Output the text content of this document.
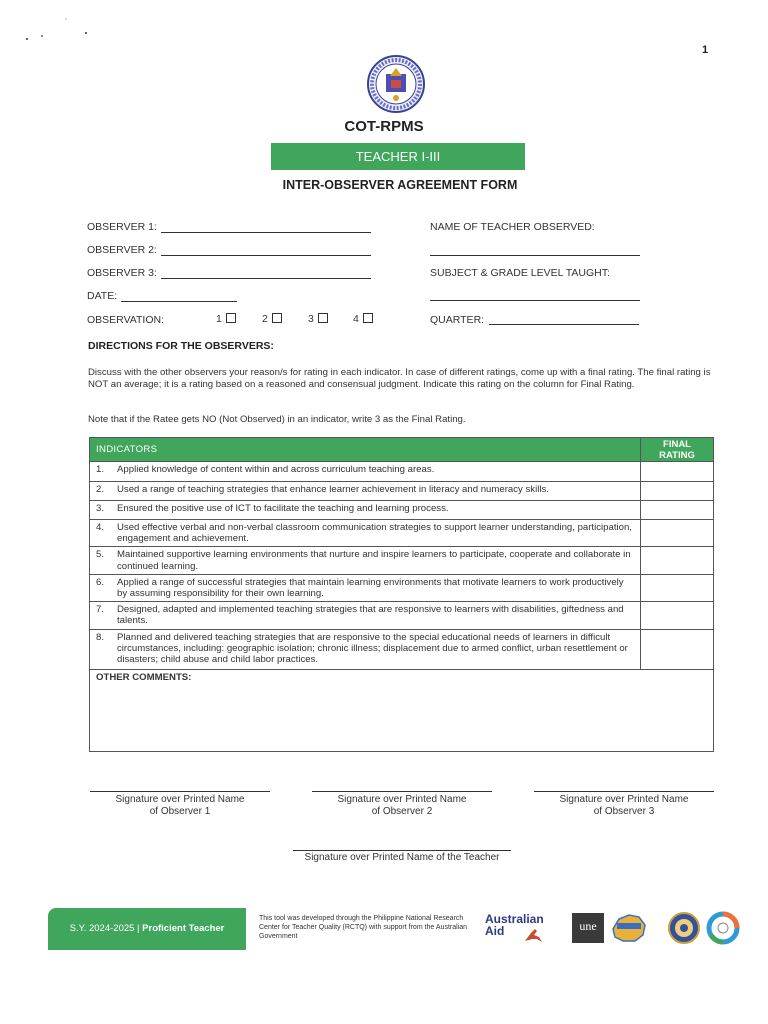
1
COT-RPMS
TEACHER I-III
INTER-OBSERVER AGREEMENT FORM
OBSERVER 1:
OBSERVER 2:
OBSERVER 3:
DATE:
OBSERVATION:	1	2	3	4
NAME OF TEACHER OBSERVED:
SUBJECT & GRADE LEVEL TAUGHT:
QUARTER:
DIRECTIONS FOR THE OBSERVERS:
Discuss with the other observers your reason/s for rating in each indicator. In case of different ratings, come up with a final rating. The final rating is NOT an average; it is a rating based on a reasoned and consensual judgment. Indicate this rating on the column for Final Rating.
Note that if the Ratee gets NO (Not Observed) in an indicator, write 3 as the Final Rating.
INDICATORS	FINAL
RATING

1. Applied knowledge of content within and across curriculum teaching areas.	

2. Used a range of teaching strategies that enhance learner achievement in literacy and numeracy skills.	

3. Ensured the positive use of ICT to facilitate the teaching and learning process.	

4. Used effective verbal and non-verbal classroom communication strategies to support learner understanding, participation, engagement and achievement.	

5. Maintained supportive learning environments that nurture and inspire learners to participate, cooperate and collaborate in continued learning.	

6. Applied a range of successful strategies that maintain learning environments that motivate learners to work productively by assuming responsibility for their own learning.	

7. Designed, adapted and implemented teaching strategies that are responsive to learners with disabilities, giftedness and talents.	

8. Planned and delivered teaching strategies that are responsive to the special educational needs of learners in difficult circumstances, including: geographic isolation; chronic illness; displacement due to armed conflict, urban resettlement or disasters; child abuse and child labor practices.	

OTHER COMMENTS:	
Signature over Printed Name
of Observer 1
Signature over Printed Name
of Observer 2
Signature over Printed Name
of Observer 3
Signature over Printed Name of the Teacher
S.Y. 2024-2025 | Proficient Teacher
This tool was developed through the Philippine National Research Center for Teacher Quality (RCTQ) with support from the Australian Government
Australian
Aid	une
